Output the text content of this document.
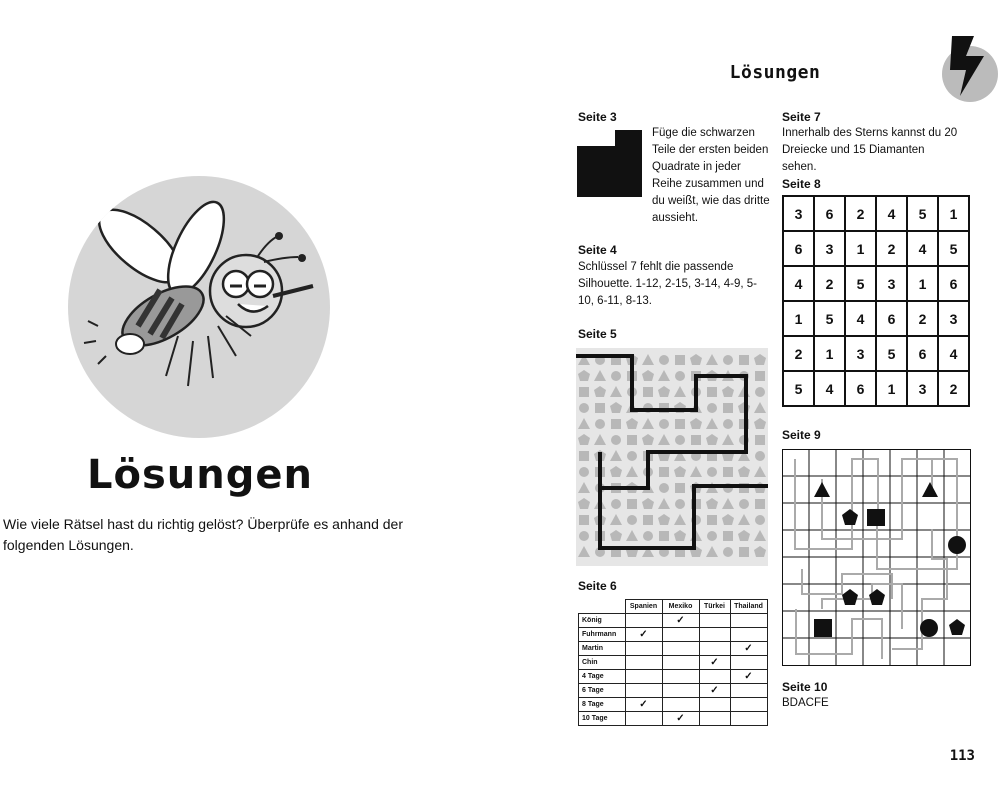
Lösungen
Wie viele Rätsel hast du richtig gelöst? Überprüfe es anhand der folgenden Lösungen.
Lösungen
Seite 3
Füge die schwarzen Teile der ersten beiden Quadrate in jeder Reihe zusammen und du weißt, wie das dritte aussieht.
Seite 4
Schlüssel 7 fehlt die passende Silhouette. 1-12, 2-15, 3-14, 4-9, 5-10, 6-11, 8-13.
Seite 5
Seite 6
	Spanien	Mexiko	Türkei	Thailand
König		✓		
Fuhrmann	✓			
Martin				✓
Chin			✓	
4 Tage				✓
6 Tage			✓	
8 Tage	✓			
10 Tage		✓		
Seite 7
Innerhalb des Sterns kannst du 20 Dreiecke und 15 Diamanten sehen.
Seite 8
3	6	2	4	5	1
6	3	1	2	4	5
4	2	5	3	1	6
1	5	4	6	2	3
2	1	3	5	6	4
5	4	6	1	3	2
Seite 9
Seite 10
BDACFE
113
